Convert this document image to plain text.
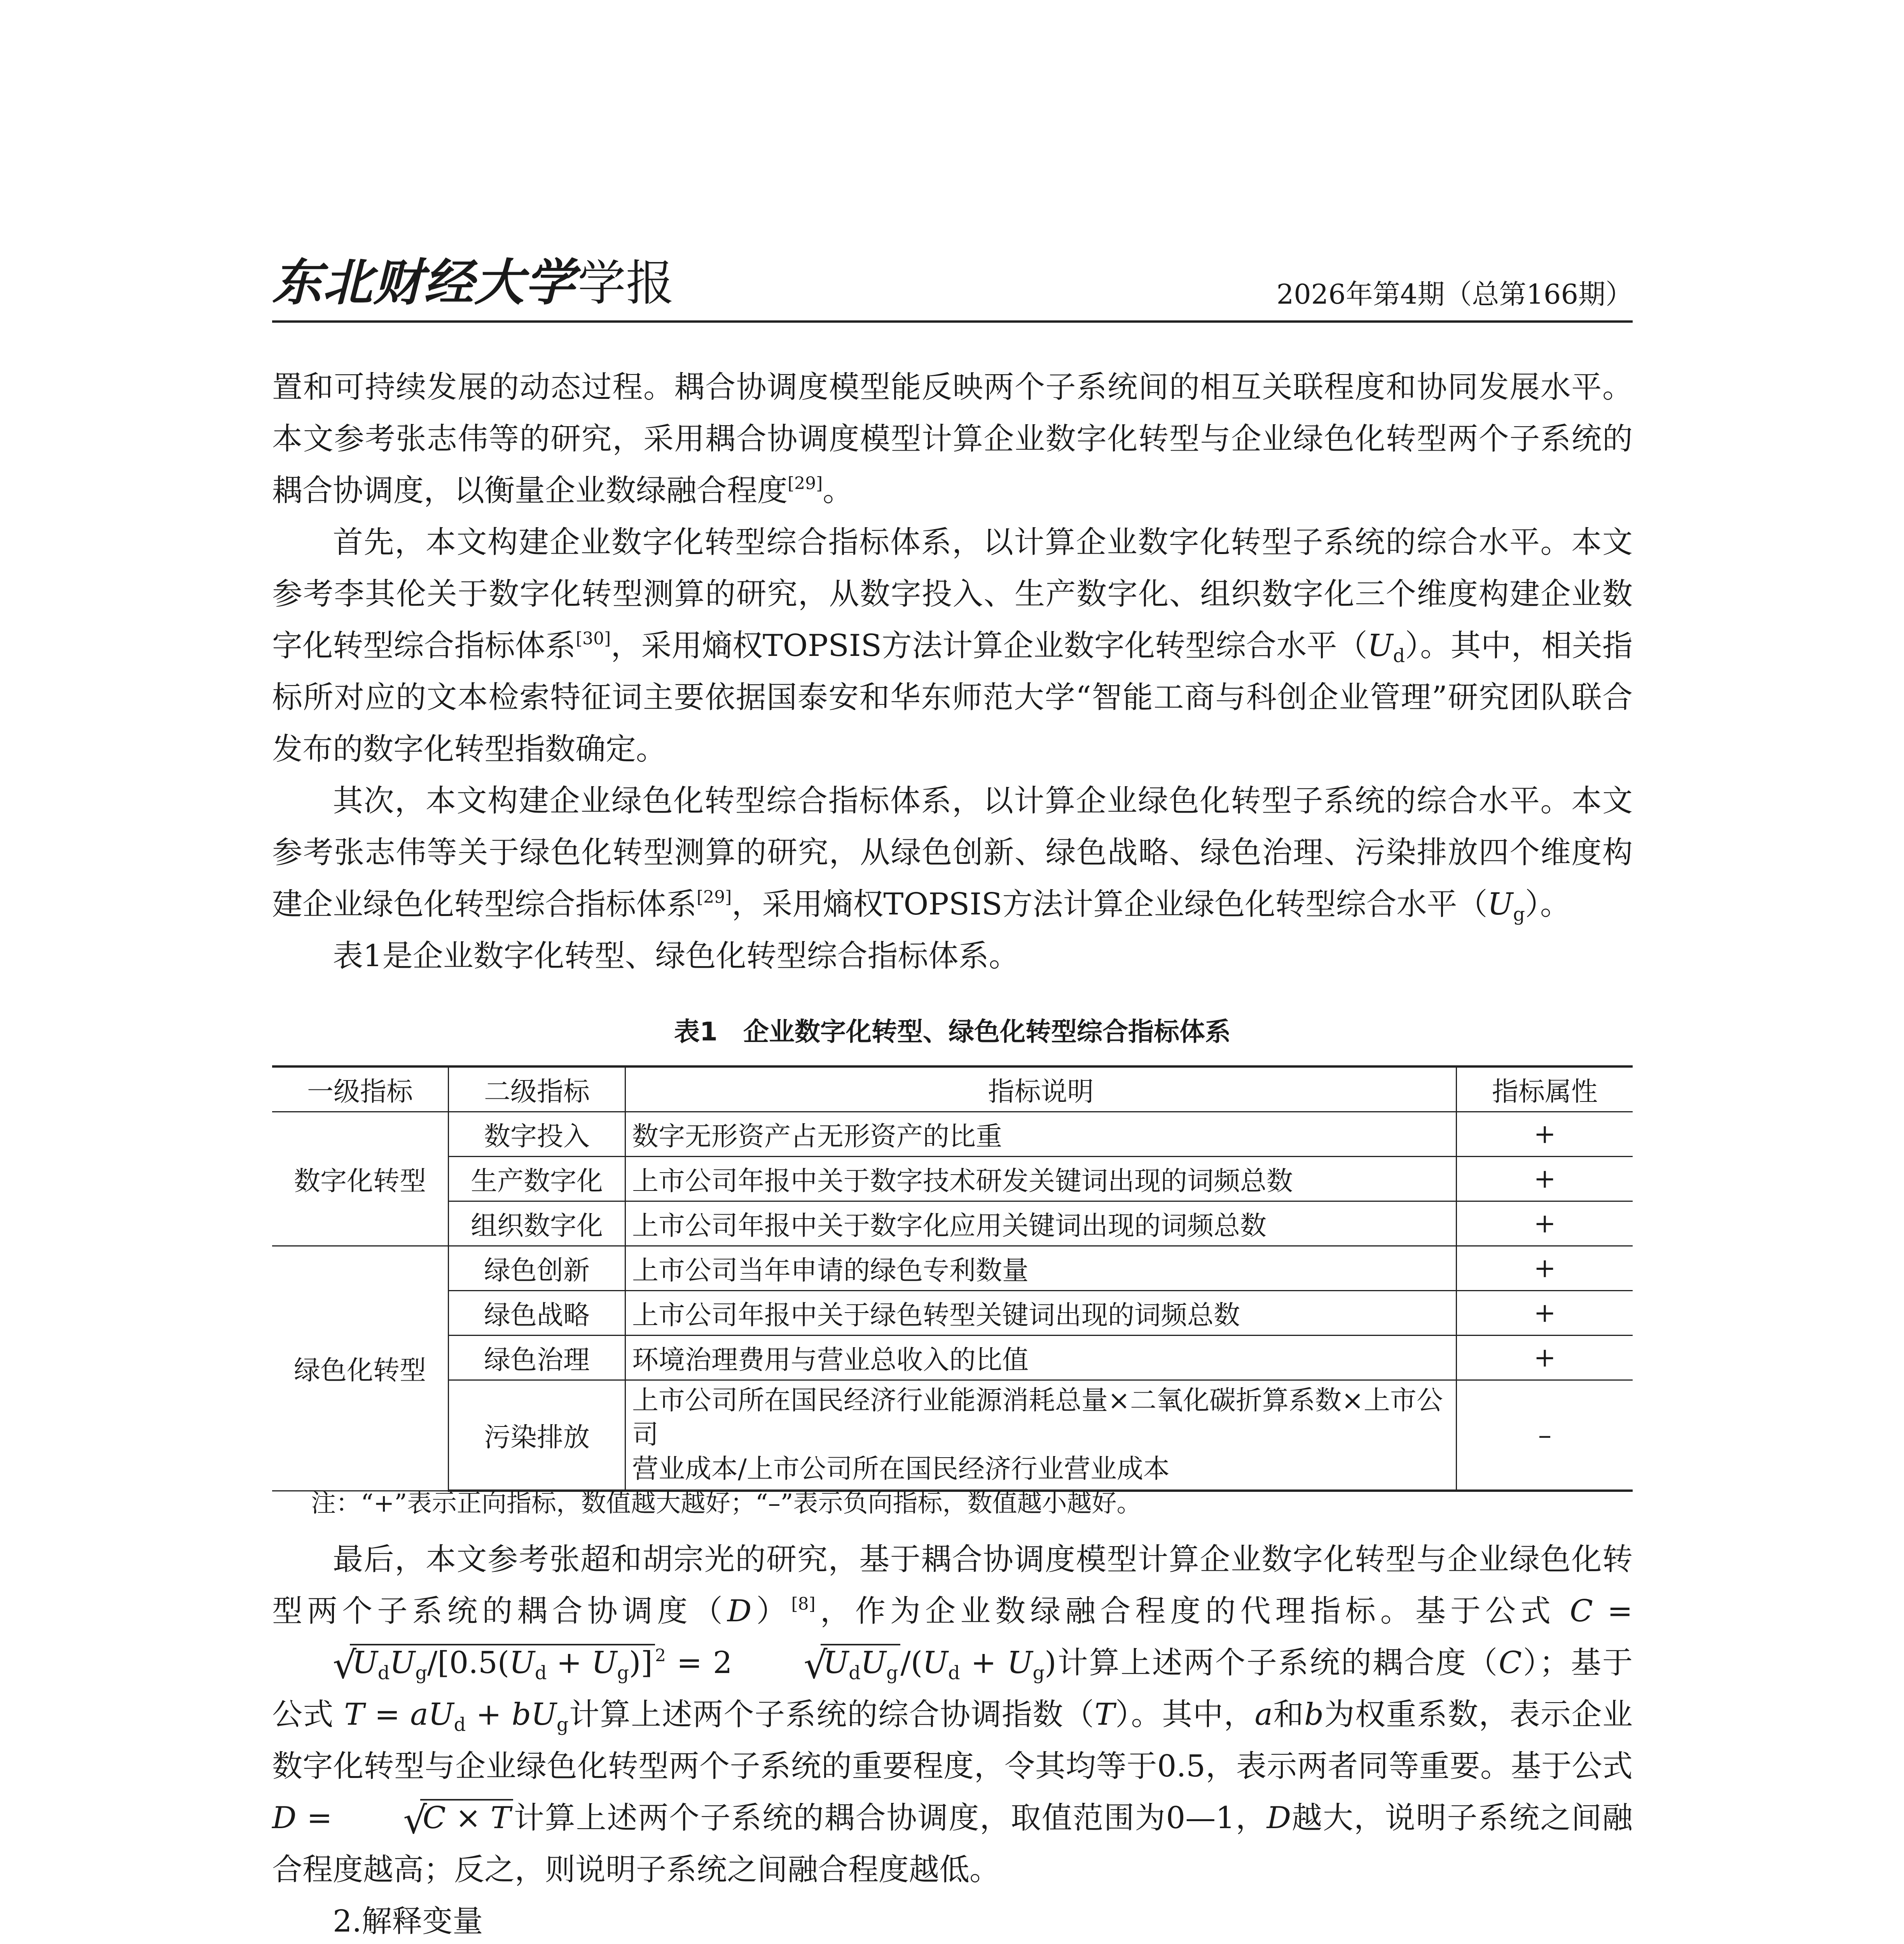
东北财经大学学报	2026年第4期（总第166期）

置和可持续发展的动态过程。耦合协调度模型能反映两个子系统间的相互关联程度和协同发展水平。本文参考张志伟等的研究，采用耦合协调度模型计算企业数字化转型与企业绿色化转型两个子系统的耦合协调度，以衡量企业数绿融合程度[29]。

首先，本文构建企业数字化转型综合指标体系，以计算企业数字化转型子系统的综合水平。本文参考李其伦关于数字化转型测算的研究，从数字投入、生产数字化、组织数字化三个维度构建企业数字化转型综合指标体系[30]，采用熵权TOPSIS方法计算企业数字化转型综合水平$(U_d)$。其中，相关指标所对应的文本检索特征词主要依据国泰安和华东师范大学“智能工商与科创企业管理”研究团队联合发布的数字化转型指数确定。

其次，本文构建企业绿色化转型综合指标体系，以计算企业绿色化转型子系统的综合水平。本文参考张志伟等关于绿色化转型测算的研究，从绿色创新、绿色战略、绿色治理、污染排放四个维度构建企业绿色化转型综合指标体系[29]，采用熵权TOPSIS方法计算企业绿色化转型综合水平$(U_g)$。

表1是企业数字化转型、绿色化转型综合指标体系。

表1　企业数字化转型、绿色化转型综合指标体系
一级指标	二级指标	指标说明	指标属性
数字化转型	数字投入	数字无形资产占无形资产的比重	+
	生产数字化	上市公司年报中关于数字技术研发关键词出现的词频总数	+
	组织数字化	上市公司年报中关于数字化应用关键词出现的词频总数	+
绿色化转型	绿色创新	上市公司当年申请的绿色专利数量	+
	绿色战略	上市公司年报中关于绿色转型关键词出现的词频总数	+
	绿色治理	环境治理费用与营业总收入的比值	+
	污染排放	上市公司所在国民经济行业能源消耗总量×二氧化碳折算系数×上市公司
营业成本/上市公司所在国民经济行业营业成本	–
注：“+”表示正向指标，数值越大越好；“–”表示负向指标，数值越小越好。

最后，本文参考张超和胡宗光的研究，基于耦合协调度模型计算企业数字化转型与企业绿色化转型两个子系统的耦合协调度（D）[8]，作为企业数绿融合程度的代理指标。基于公式 C = √ $U_dU_g/[0.5(U_d + U_g)] ^2 = 2$	√ $U_dU_g/(U_d + U_g)$计算上述两个子系统的耦合度（C）；基于公式 $T = aU_d + bU_g$计算上述两个子系统的综合协调指数（T）。其中，a和b为权重系数，表示企业数字化转型与企业绿色化转型两个子系统的重要程度，令其均等于0.5，表示两者同等重要。基于公式 D =	√ C × T计算上述两个子系统的耦合协调度，取值范围为0—1，D越大，说明子系统之间融合程度越高；反之，则说明子系统之间融合程度越低。

2.解释变量
